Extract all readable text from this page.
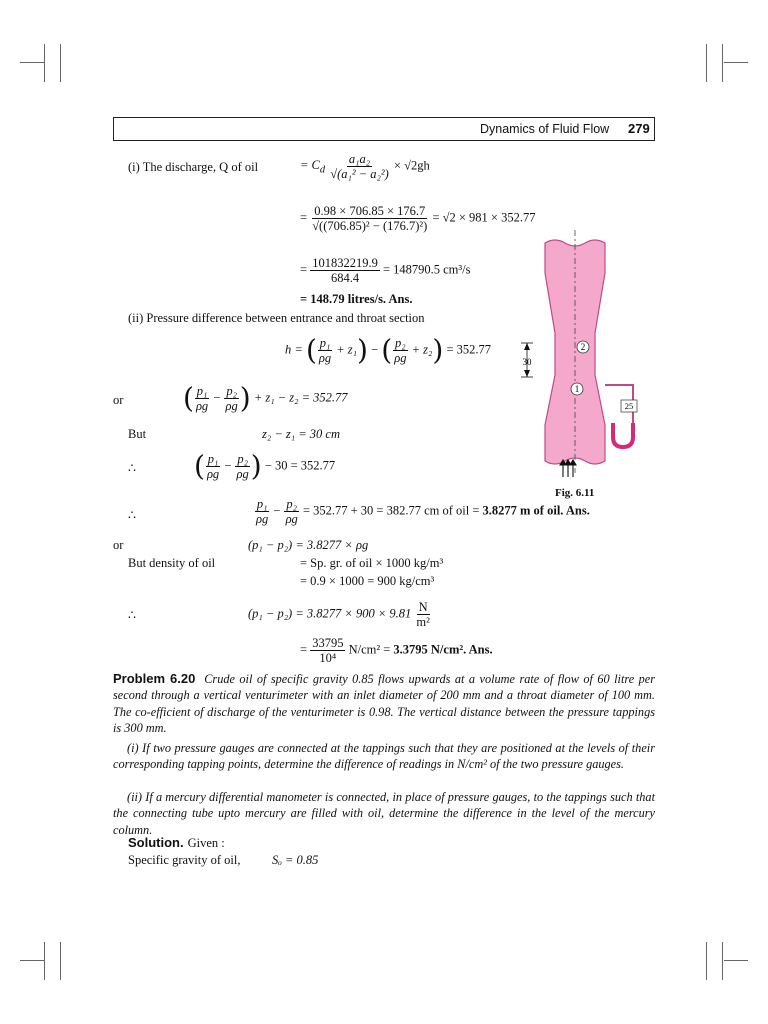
Dynamics of Fluid Flow 279
(i) The discharge, Q of oil	= $C_d \frac{\text{a₁a₂}}{\text{√(a₁² − a₂²)}} \times √2gh$
= $\frac{0.98 \times 706.85 \times 176.7}{\text{√((706.85)² − (176.7)²)}} = √2 \times 981 \times 352.77$
= $\frac{101832219.9}{684.4} = 148790.5$ cm³/s
= 148.79 litres/s. Ans.
(ii) Pressure difference between entrance and throat section
h = ( $\frac{\text{p₁}}{\rho g} + z_1$) − ( $\frac{\text{p₂}}{\rho g} + z_2) = 352.77$
or ( $\frac{\text{p₁}}{\rho g} - \frac{\text{p₂}}{\rho g}$ ) + z₁ − z₂ = 352.77
But	z₂ − z₁ = 30 cm
∴ ( $\frac{\text{p₁}}{\rho g} - \frac{\text{p₂}}{\rho g}$ ) − 30 = 352.77
∴	$\frac{\text{p₁}}{\rho g} - \frac{\text{p₂}}{\rho g} = 352.77 + 30 = 382.77$ cm of oil = 3.8277 m of oil. Ans.
or	(p₁ − p₂) = 3.8277 × ρg
But density of oil	= Sp. gr. of oil × 1000 kg/m³
= 0.9 × 1000 = 900 kg/cm³
∴	$(p_1 - p_2) = 3.8277 \times 900 \times 9.81 \frac{N}{\text{m²}}$
= $\frac{33795}{\text{10⁴}} N/cm^2 = 3.3795$ N/cm². Ans.
2
1
30
25
Fig. 6.11
Problem 6.20 Crude oil of specific gravity 0.85 flows upwards at a volume rate of flow of 60 litre per second through a vertical venturimeter with an inlet diameter of 200 mm and a throat diameter of 100 mm. The co-efficient of discharge of the venturimeter is 0.98. The vertical distance between the pressure tappings is 300 mm.
(i) If two pressure gauges are connected at the tappings such that they are positioned at the levels of their corresponding tapping points, determine the difference of readings in N/cm² of the two pressure gauges.
(ii) If a mercury differential manometer is connected, in place of pressure gauges, to the tappings such that the connecting tube upto mercury are filled with oil, determine the difference in the level of the mercury column.
Solution. Given :
Specific gravity of oil,	Sₒ = 0.85
